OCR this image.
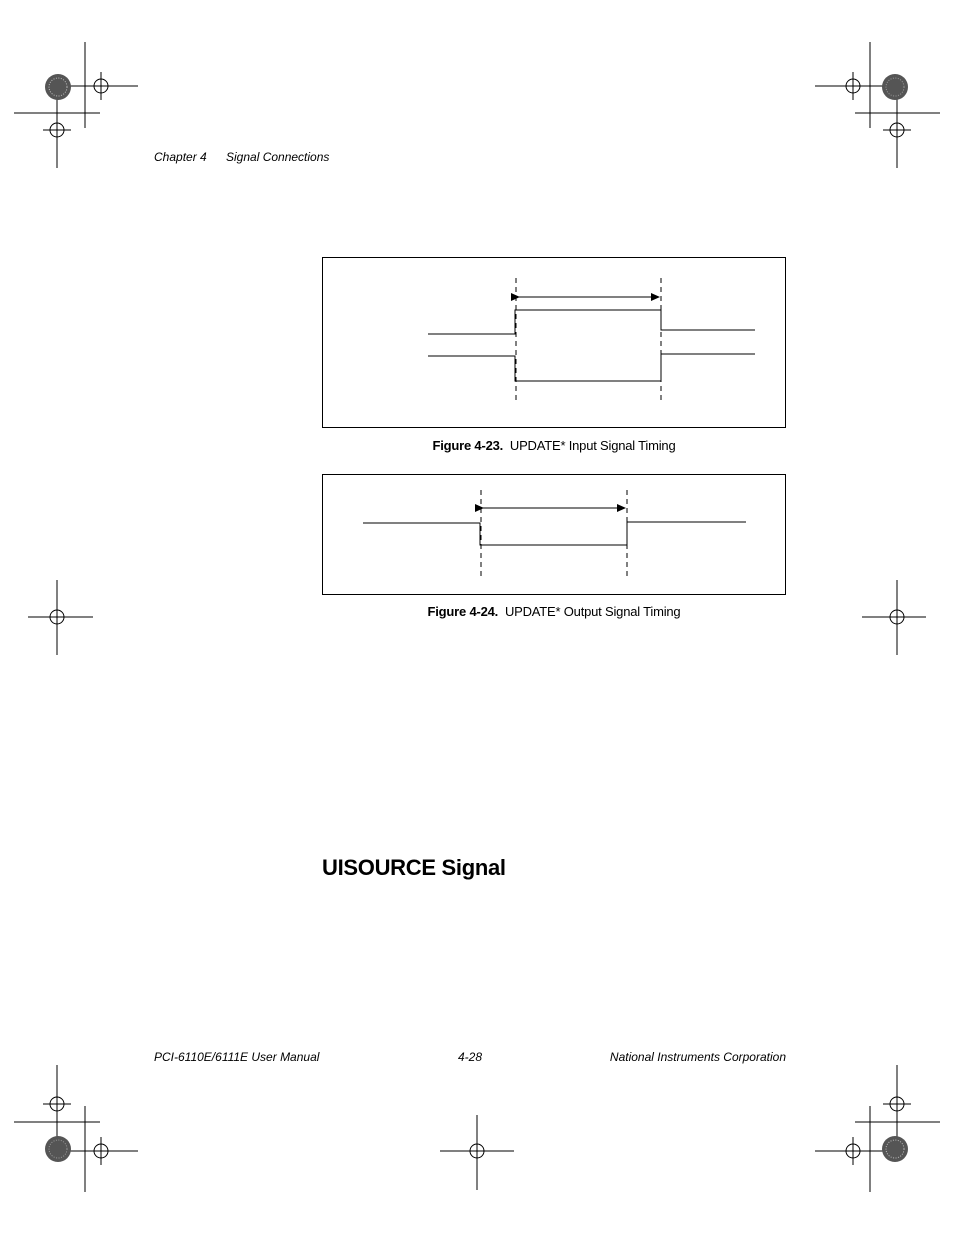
Chapter 4 Signal Connections
Figure 4-23. UPDATE* Input Signal Timing
Figure 4-24. UPDATE* Output Signal Timing
UISOURCE Signal
PCI-6110E/6111E User Manual	4-28	National Instruments Corporation
